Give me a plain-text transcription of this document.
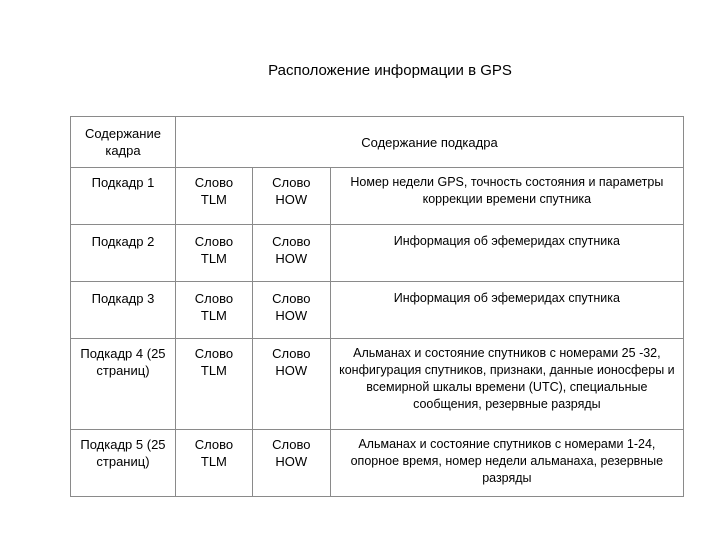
Расположение информации в GPS
Содержание кадра	Содержание подкадра		
Подкадр 1	Слово TLM	Слово HOW	Номер недели GPS, точность состояния и параметры коррекции времени спутника
Подкадр 2	Слово TLM	Слово HOW	Информация об эфемеридах спутника
Подкадр 3	Слово TLM	Слово HOW	Информация об эфемеридах спутника
Подкадр 4 (25 страниц)	Слово TLM	Слово HOW	Альманах и состояние спутников с номерами 25 -32, конфигурация спутников, признаки, данные ионосферы и всемирной шкалы времени (UTC), специальные сообщения, резервные разряды
Подкадр 5 (25 страниц)	Слово TLM	Слово HOW	Альманах и состояние спутников с номерами 1-24, опорное время, номер недели альманаха, резервные разряды
